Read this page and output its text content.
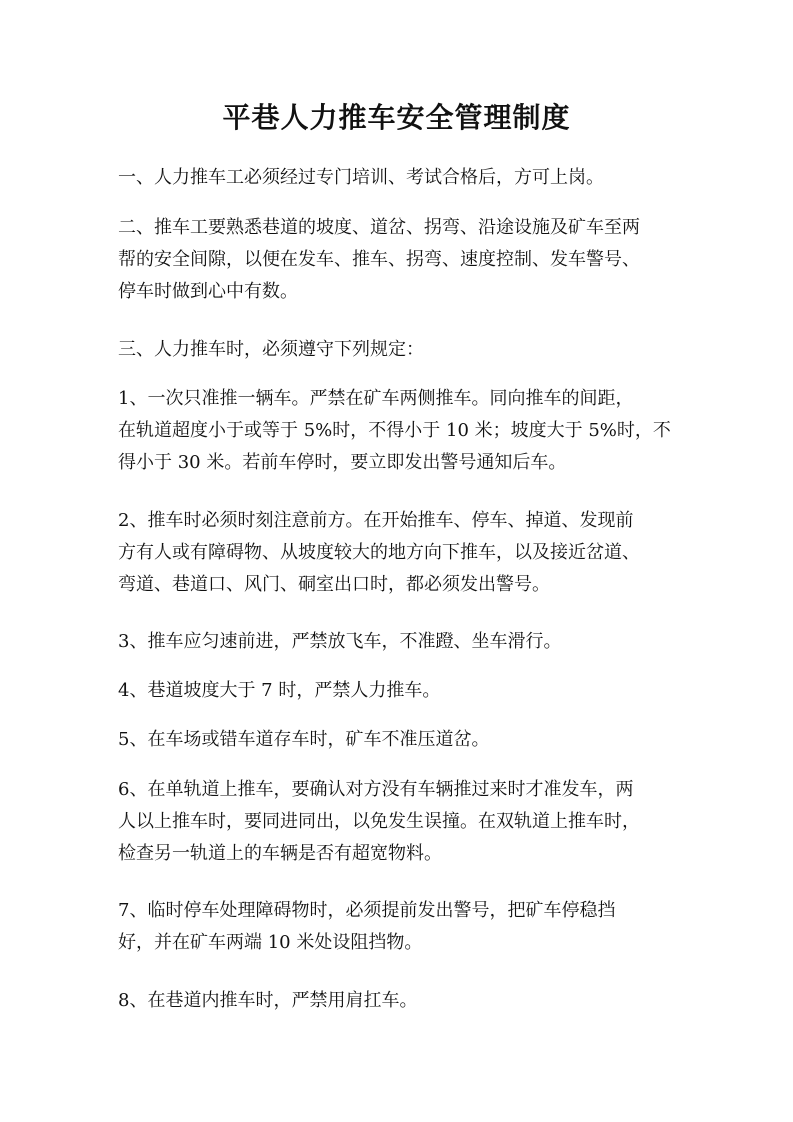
平巷人力推车安全管理制度

一、人力推车工必须经过专门培训、考试合格后，方可上岗。

二、推车工要熟悉巷道的坡度、道岔、拐弯、沿途设施及矿车至两
帮的安全间隙，以便在发车、推车、拐弯、速度控制、发车警号、
停车时做到心中有数。

三、人力推车时，必须遵守下列规定：

1、一次只准推一辆车。严禁在矿车两侧推车。同向推车的间距，
在轨道超度小于或等于 5%时，不得小于 10 米；坡度大于 5%时，不
得小于 30 米。若前车停时，要立即发出警号通知后车。

2、推车时必须时刻注意前方。在开始推车、停车、掉道、发现前
方有人或有障碍物、从坡度较大的地方向下推车，以及接近岔道、
弯道、巷道口、风门、硐室出口时，都必须发出警号。

3、推车应匀速前进，严禁放飞车，不准蹬、坐车滑行。

4、巷道坡度大于 7 时，严禁人力推车。

5、在车场或错车道存车时，矿车不准压道岔。

6、在单轨道上推车，要确认对方没有车辆推过来时才准发车，两
人以上推车时，要同进同出，以免发生误撞。在双轨道上推车时，
检查另一轨道上的车辆是否有超宽物料。

7、临时停车处理障碍物时，必须提前发出警号，把矿车停稳挡
好，并在矿车两端 10 米处设阻挡物。

8、在巷道内推车时，严禁用肩扛车。
